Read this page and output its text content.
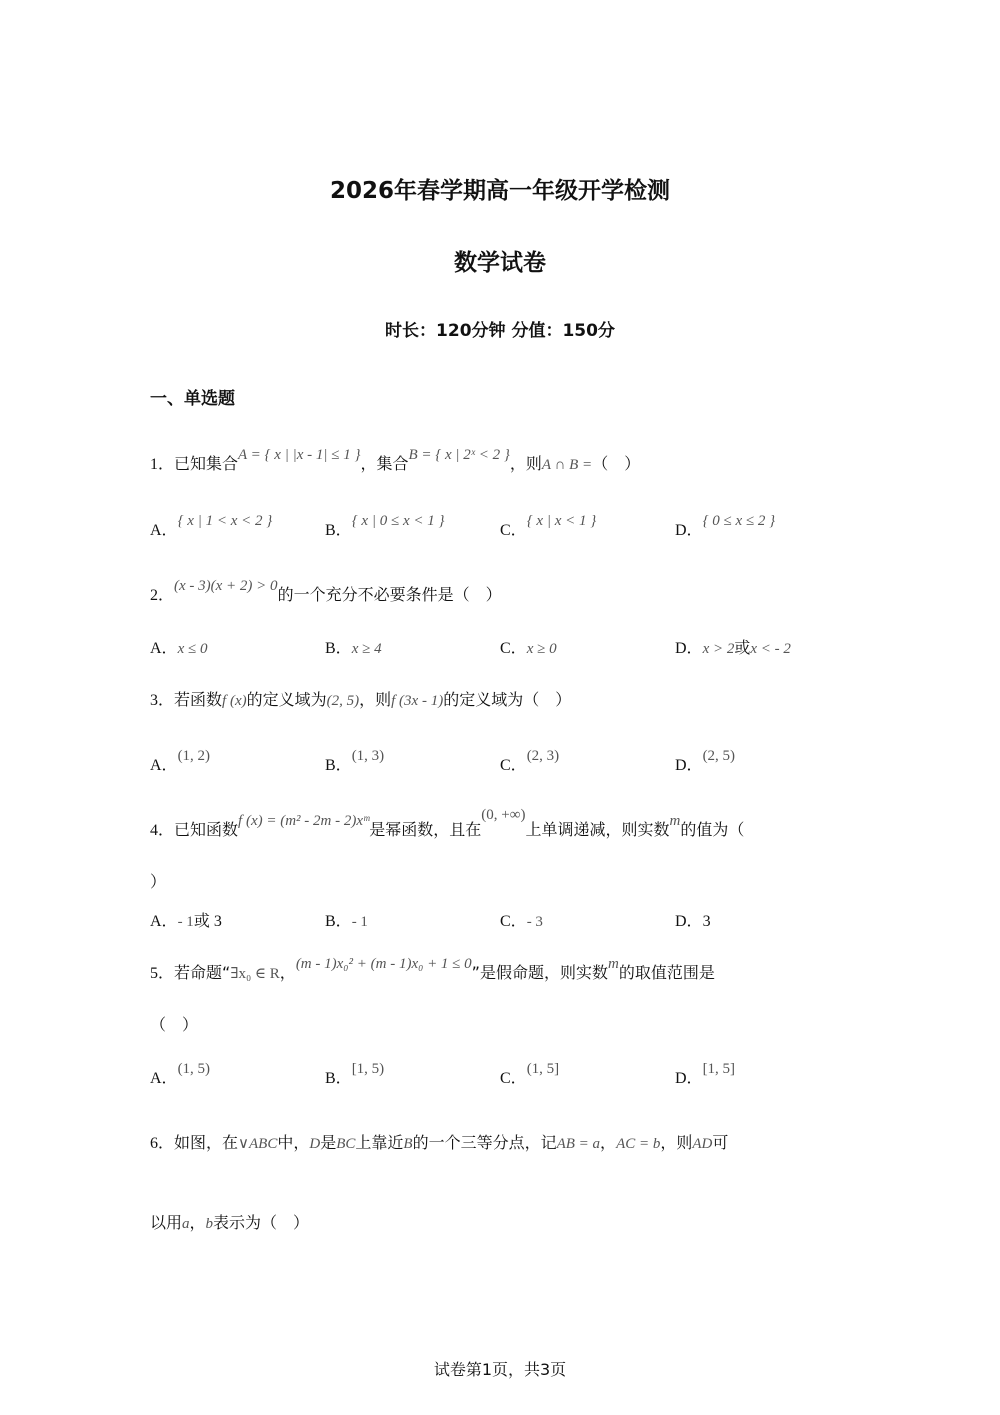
2026年春学期高一年级开学检测
数学试卷
时长：120分钟 分值：150分
一、单选题
1．已知集合A = { x | |x - 1| ≤ 1 }，集合B = { x | 2ˣ < 2 }，则A ∩ B =（　）
A．{ x | 1 < x < 2 }
B．{ x | 0 ≤ x < 1 }
C．{ x | x < 1 }
D．{ 0 ≤ x ≤ 2 }
2．(x - 3)(x + 2) > 0的一个充分不必要条件是（　）
A．x ≤ 0	B．x ≥ 4	C．x ≥ 0	D．x > 2或x < - 2
3．若函数f (x)的定义域为(2, 5)，则f (3x - 1)的定义域为（　）
A．(1, 2)
B．(1, 3)
C．(2, 3)
D．(2, 5)
4．已知函数f (x) = (m² - 2m - 2)xᵐ是幂函数，且在(0, +∞)上单调递减，则实数m的值为（
）
A．- 1或 3	B．- 1	C．- 3	D．3
5．若命题“∃x₀ ∈ R，(m - 1)x₀² + (m - 1)x₀ + 1 ≤ 0”是假命题，则实数m的取值范围是
（　）
A．(1, 5)
B．[1, 5)
C．(1, 5]
D．[1, 5]
6．如图，在∨ABC中，D是BC上靠近B的一个三等分点，记AB = a，AC = b，则AD可
以用a，b表示为（　）
试卷第1页，共3页
